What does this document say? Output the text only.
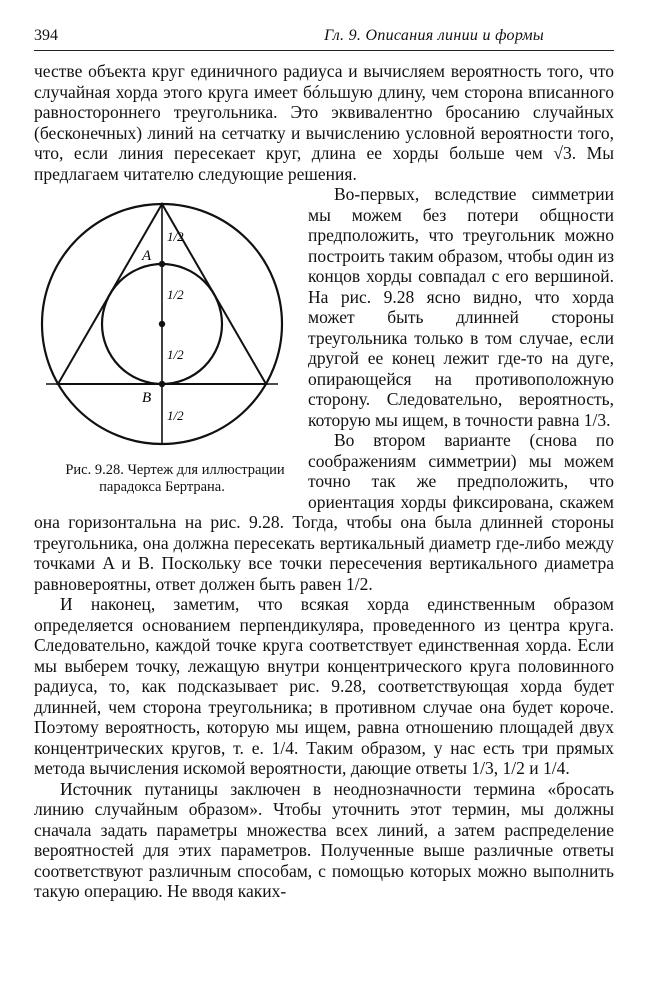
394	Гл. 9. Описания линии и формы

честве объекта круг единичного радиуса и вычисляем вероятность того, что случайная хорда этого круга имеет бóльшую длину, чем сторона вписанного равностороннего треугольника. Это эквивалентно бросанию случайных (бесконечных) линий на сетчатку и вычислению условной вероятности того, что, если линия пересекает круг, длина ее хорды больше чем √3. Мы предлагаем читателю следующие решения.

A
B
1/2
1/2
1/2
1/2
Рис. 9.28. Чертеж для иллюстрации парадокса Бертрана.
Во-первых, вследствие симметрии мы можем без потери общности предположить, что треугольник можно построить таким образом, чтобы один из концов хорды совпадал с его вершиной. На рис. 9.28 ясно видно, что хорда может быть длинней стороны треугольника только в том случае, если другой ее конец лежит где-то на дуге, опирающейся на противоположную сторону. Следовательно, вероятность, которую мы ищем, в точности равна 1/3.

Во втором варианте (снова по соображениям симметрии) мы можем точно так же предположить, что ориентация хорды фиксирована, скажем она горизонтальна на рис. 9.28. Тогда, чтобы она была длинней стороны треугольника, она должна пересекать вертикальный диаметр где-либо между точками A и B. Поскольку все точки пересечения вертикального диаметра равновероятны, ответ должен быть равен 1/2.

И наконец, заметим, что всякая хорда единственным образом определяется основанием перпендикуляра, проведенного из центра круга. Следовательно, каждой точке круга соответствует единственная хорда. Если мы выберем точку, лежащую внутри концентрического круга половинного радиуса, то, как подсказывает рис. 9.28, соответствующая хорда будет длинней, чем сторона треугольника; в противном случае она будет короче. Поэтому вероятность, которую мы ищем, равна отношению площадей двух концентрических кругов, т. е. 1/4. Таким образом, у нас есть три прямых метода вычисления искомой вероятности, дающие ответы 1/3, 1/2 и 1/4.

Источник путаницы заключен в неоднозначности термина «бросать линию случайным образом». Чтобы уточнить этот термин, мы должны сначала задать параметры множества всех линий, а затем распределение вероятностей для этих параметров. Полученные выше различные ответы соответствуют различным способам, с помощью которых можно выполнить такую операцию. Не вводя каких-
